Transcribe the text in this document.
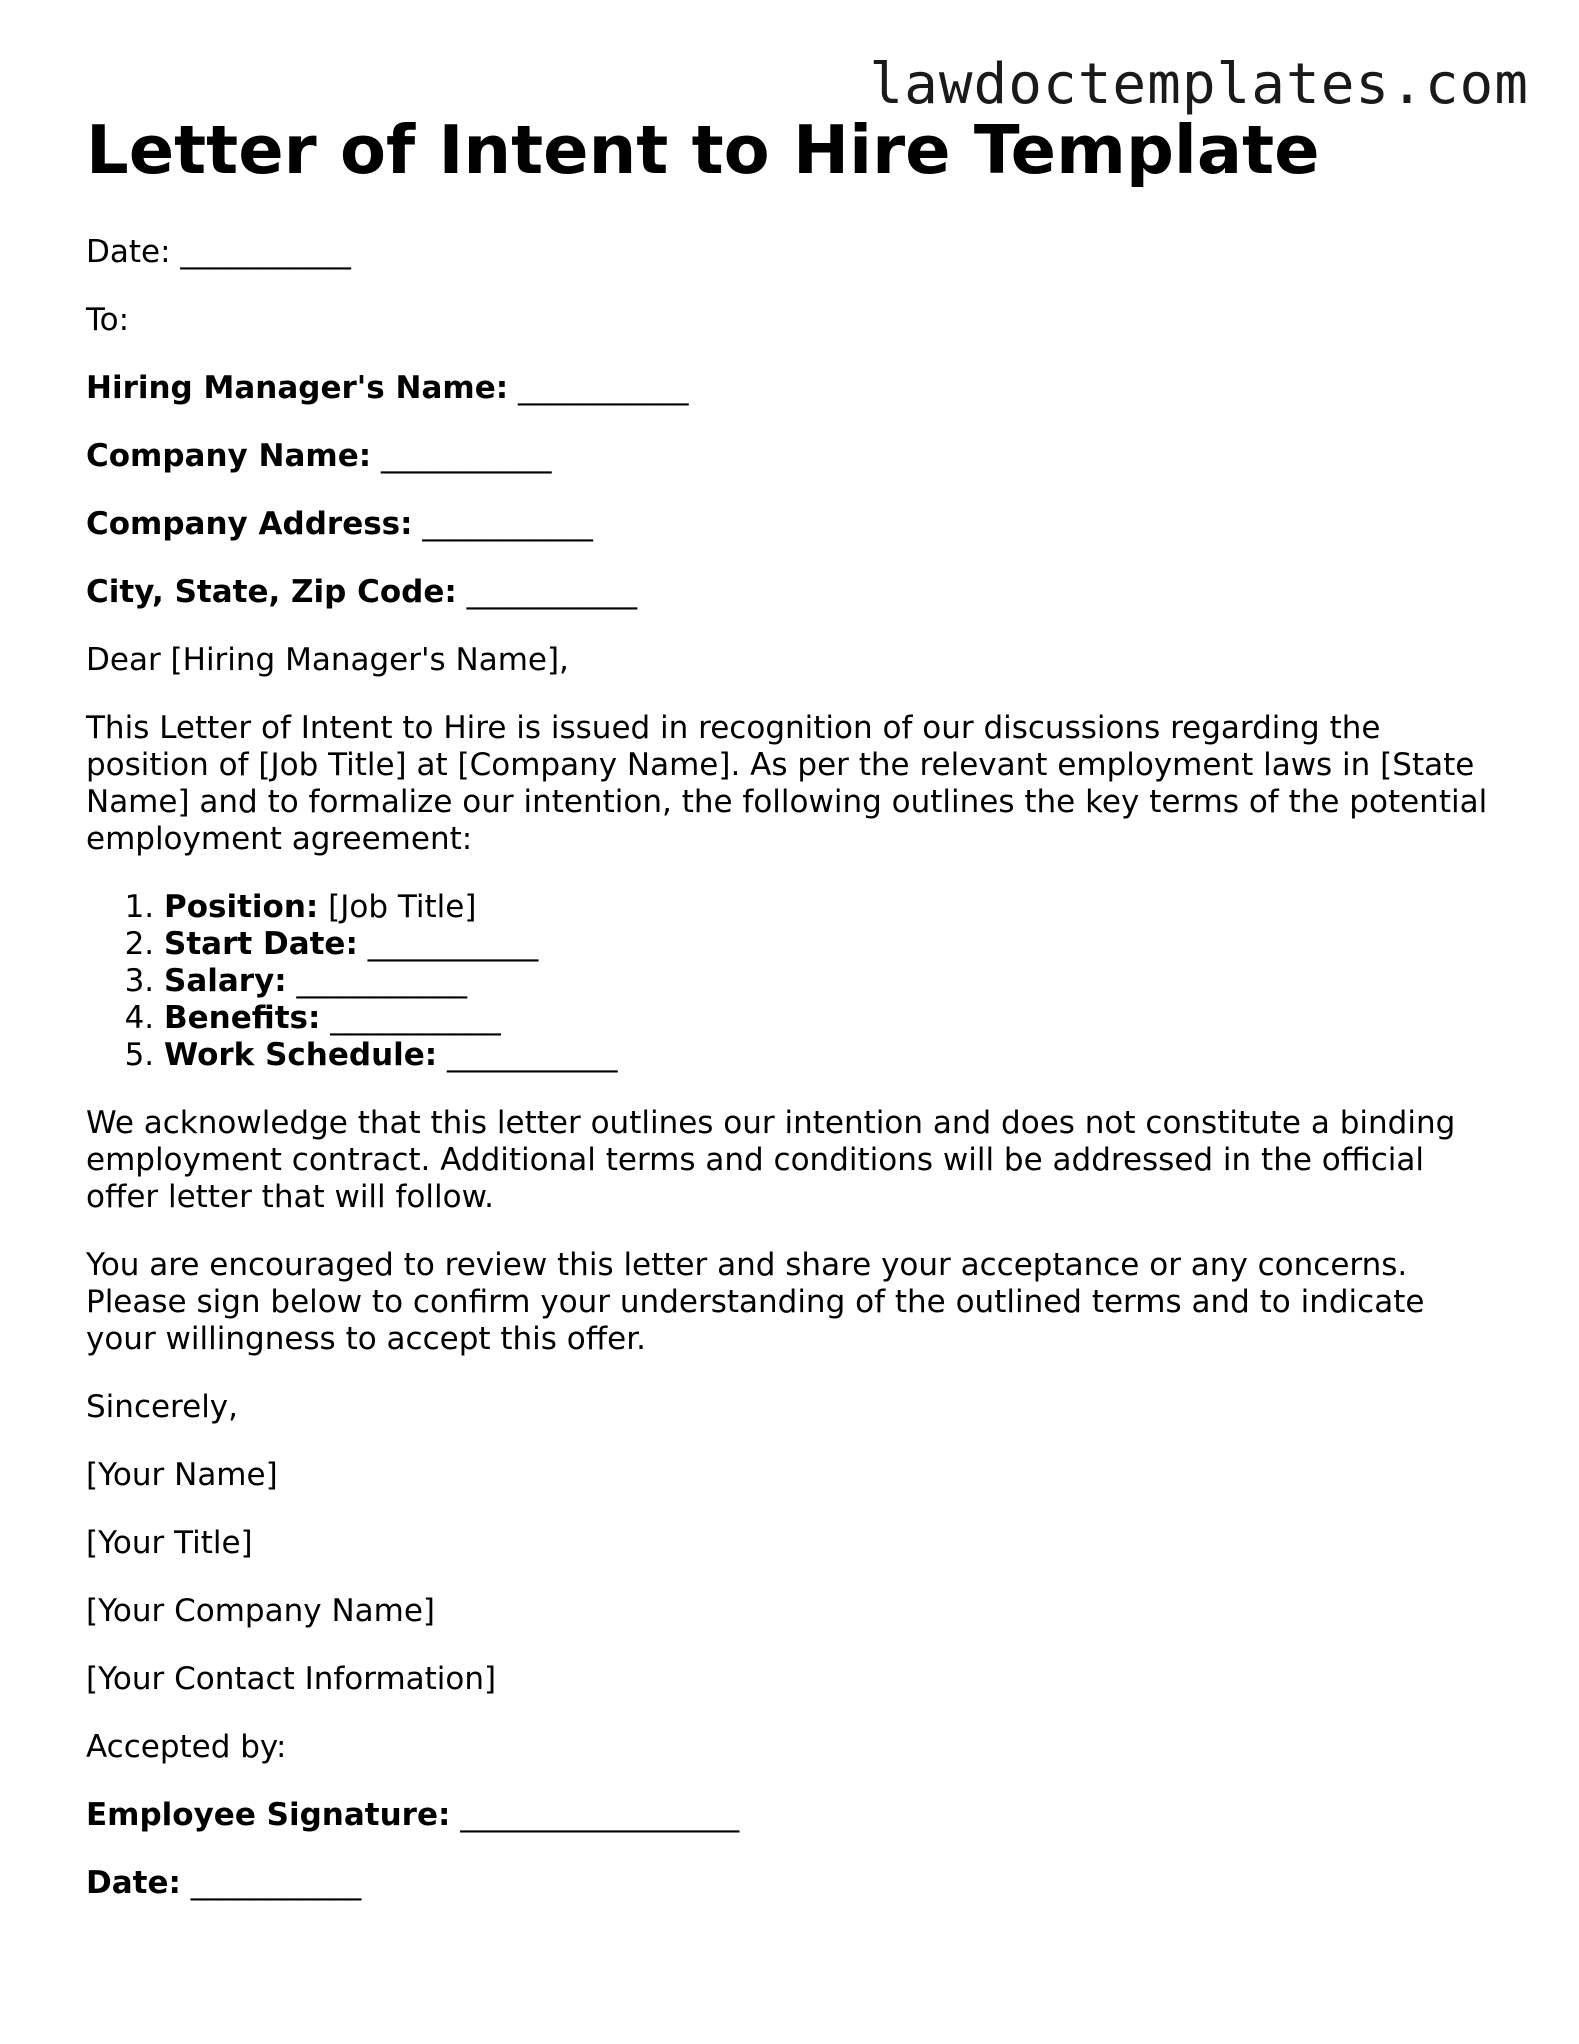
lawdoctemplates.com
Letter of Intent to Hire Template

Date: ___________

To:

Hiring Manager's Name: ___________

Company Name: ___________

Company Address: ___________

City, State, Zip Code: ___________

Dear [Hiring Manager's Name],

This Letter of Intent to Hire is issued in recognition of our discussions regarding the position of [Job Title] at [Company Name]. As per the relevant employment laws in [State Name] and to formalize our intention, the following outlines the key terms of the potential employment agreement:

1. Position: [Job Title]
2. Start Date: ___________
3. Salary: ___________
4. Benefits: ___________
5. Work Schedule: ___________

We acknowledge that this letter outlines our intention and does not constitute a binding employment contract. Additional terms and conditions will be addressed in the official offer letter that will follow.

You are encouraged to review this letter and share your acceptance or any concerns. Please sign below to confirm your understanding of the outlined terms and to indicate your willingness to accept this offer.

Sincerely,

[Your Name]

[Your Title]

[Your Company Name]

[Your Contact Information]

Accepted by:

Employee Signature: __________________

Date: ___________
